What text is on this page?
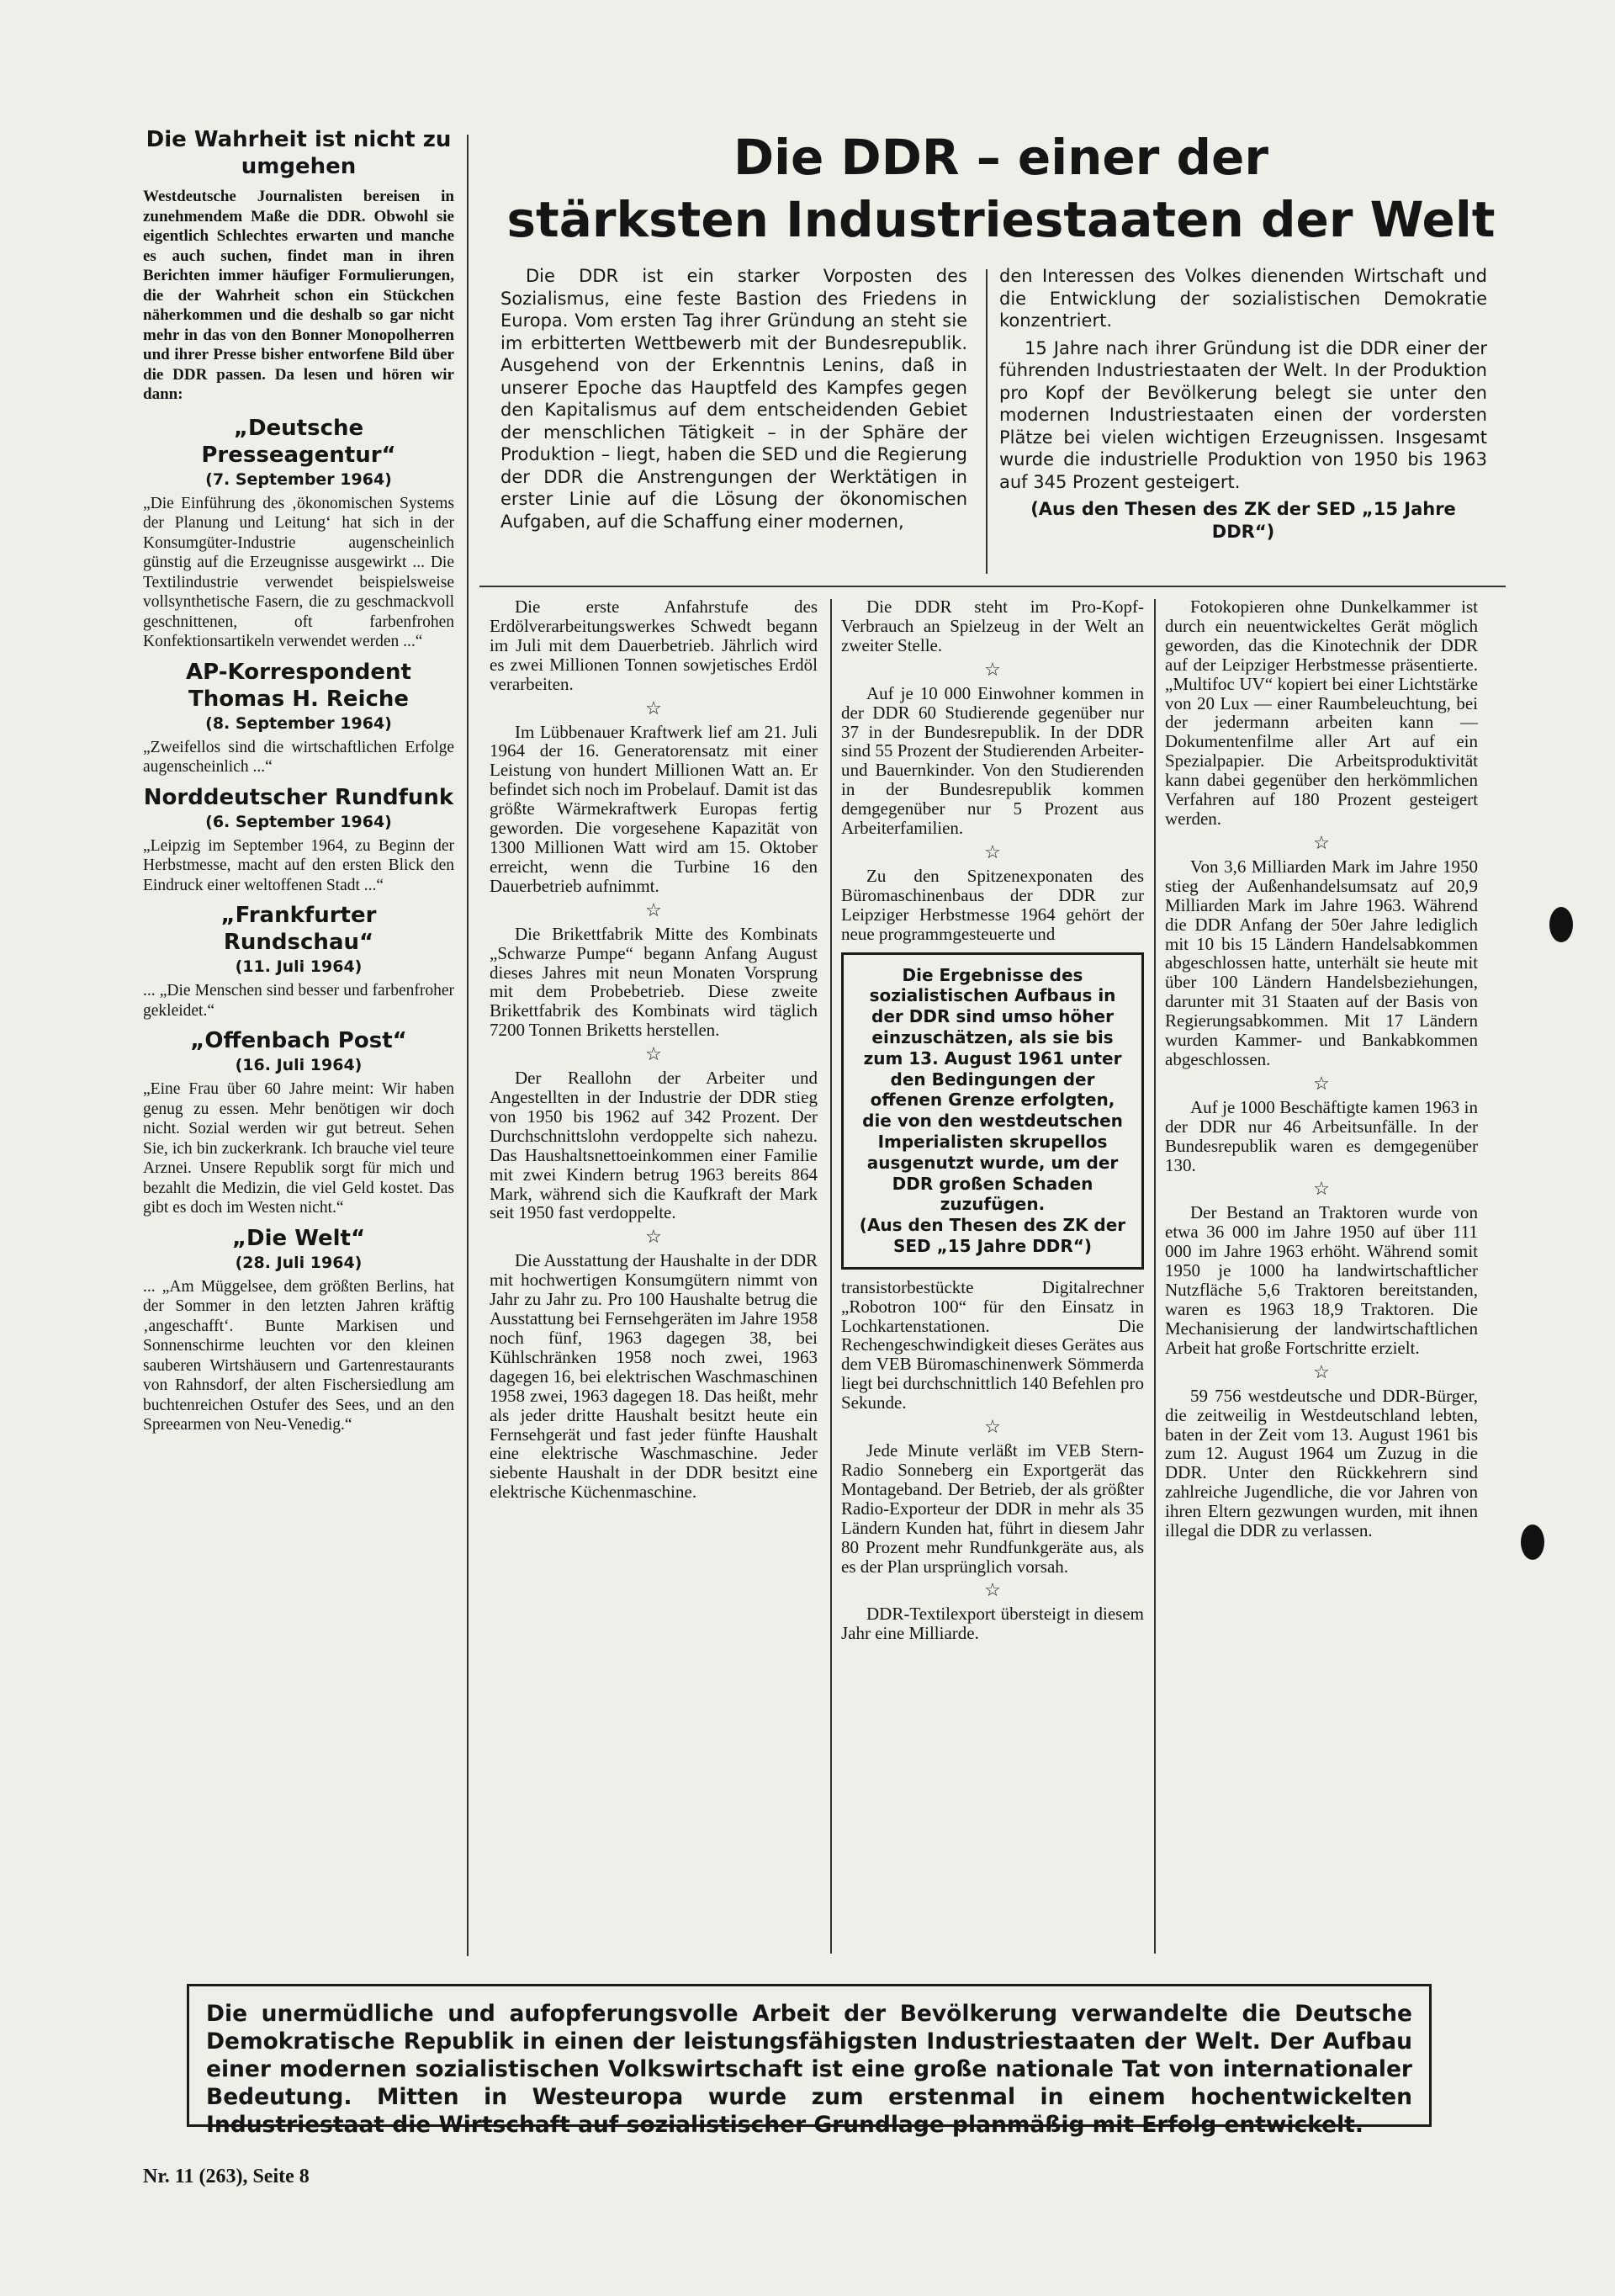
Die Wahrheit ist nicht zu umgehen

Westdeutsche Journalisten bereisen in zunehmendem Maße die DDR. Obwohl sie eigentlich Schlechtes erwarten und manche es auch suchen, findet man in ihren Berichten immer häufiger Formulierungen, die der Wahrheit schon ein Stückchen näherkommen und die deshalb so gar nicht mehr in das von den Bonner Monopolherren und ihrer Presse bisher entworfene Bild über die DDR passen. Da lesen und hören wir dann:

„Deutsche Presseagentur“
(7. September 1964)

„Die Einführung des ‚ökonomischen Systems der Planung und Leitung‘ hat sich in der Konsumgüter-Industrie augenscheinlich günstig auf die Erzeugnisse ausgewirkt ... Die Textilindustrie verwendet beispielsweise vollsynthetische Fasern, die zu geschmackvoll geschnittenen, oft farbenfrohen Konfektionsartikeln verwendet werden ...“

AP-Korrespondent Thomas H. Reiche
(8. September 1964)

„Zweifellos sind die wirtschaftlichen Erfolge augenscheinlich ...“

Norddeutscher Rundfunk
(6. September 1964)

„Leipzig im September 1964, zu Beginn der Herbstmesse, macht auf den ersten Blick den Eindruck einer weltoffenen Stadt ...“

„Frankfurter Rundschau“
(11. Juli 1964)

... „Die Menschen sind besser und farbenfroher gekleidet.“

„Offenbach Post“
(16. Juli 1964)

„Eine Frau über 60 Jahre meint: Wir haben genug zu essen. Mehr benötigen wir doch nicht. Sozial werden wir gut betreut. Sehen Sie, ich bin zuckerkrank. Ich brauche viel teure Arznei. Unsere Republik sorgt für mich und bezahlt die Medizin, die viel Geld kostet. Das gibt es doch im Westen nicht.“

„Die Welt“
(28. Juli 1964)

... „Am Müggelsee, dem größten Berlins, hat der Sommer in den letzten Jahren kräftig ‚angeschafft‘. Bunte Markisen und Sonnenschirme leuchten vor den kleinen sauberen Wirtshäusern und Gartenrestaurants von Rahnsdorf, der alten Fischersiedlung am buchtenreichen Ostufer des Sees, und an den Spreearmen von Neu-Venedig.“

Die DDR – einer der
stärksten Industriestaaten der Welt

Die DDR ist ein starker Vorposten des Sozialismus, eine feste Bastion des Friedens in Europa. Vom ersten Tag ihrer Gründung an steht sie im erbitterten Wettbewerb mit der Bundesrepublik. Ausgehend von der Erkenntnis Lenins, daß in unserer Epoche das Hauptfeld des Kampfes gegen den Kapitalismus auf dem entscheidenden Gebiet der menschlichen Tätigkeit – in der Sphäre der Produktion – liegt, haben die SED und die Regierung der DDR die Anstrengungen der Werktätigen in erster Linie auf die Lösung der ökonomischen Aufgaben, auf die Schaffung einer modernen,

den Interessen des Volkes dienenden Wirtschaft und die Entwicklung der sozialistischen Demokratie konzentriert.

15 Jahre nach ihrer Gründung ist die DDR einer der führenden Industriestaaten der Welt. In der Produktion pro Kopf der Bevölkerung belegt sie unter den modernen Industriestaaten einen der vordersten Plätze bei vielen wichtigen Erzeugnissen. Insgesamt wurde die industrielle Produktion von 1950 bis 1963 auf 345 Prozent gesteigert.

(Aus den Thesen des ZK der SED „15 Jahre DDR“)

Die erste Anfahrstufe des Erdölverarbeitungswerkes Schwedt begann im Juli mit dem Dauerbetrieb. Jährlich wird es zwei Millionen Tonnen sowjetisches Erdöl verarbeiten.

☆

Im Lübbenauer Kraftwerk lief am 21. Juli 1964 der 16. Generatorensatz mit einer Leistung von hundert Millionen Watt an. Er befindet sich noch im Probelauf. Damit ist das größte Wärmekraftwerk Europas fertig geworden. Die vorgesehene Kapazität von 1300 Millionen Watt wird am 15. Oktober erreicht, wenn die Turbine 16 den Dauerbetrieb aufnimmt.

☆

Die Brikettfabrik Mitte des Kombinats „Schwarze Pumpe“ begann Anfang August dieses Jahres mit neun Monaten Vorsprung mit dem Probebetrieb. Diese zweite Brikettfabrik des Kombinats wird täglich 7200 Tonnen Briketts herstellen.

☆

Der Reallohn der Arbeiter und Angestellten in der Industrie der DDR stieg von 1950 bis 1962 auf 342 Prozent. Der Durchschnittslohn verdoppelte sich nahezu. Das Haushaltsnettoeinkommen einer Familie mit zwei Kindern betrug 1963 bereits 864 Mark, während sich die Kaufkraft der Mark seit 1950 fast verdoppelte.

☆

Die Ausstattung der Haushalte in der DDR mit hochwertigen Konsumgütern nimmt von Jahr zu Jahr zu. Pro 100 Haushalte betrug die Ausstattung bei Fernsehgeräten im Jahre 1958 noch fünf, 1963 dagegen 38, bei Kühlschränken 1958 noch zwei, 1963 dagegen 16, bei elektrischen Waschmaschinen 1958 zwei, 1963 dagegen 18. Das heißt, mehr als jeder dritte Haushalt besitzt heute ein Fernsehgerät und fast jeder fünfte Haushalt eine elektrische Waschmaschine. Jeder siebente Haushalt in der DDR besitzt eine elektrische Küchenmaschine.

Die DDR steht im Pro-Kopf-Verbrauch an Spielzeug in der Welt an zweiter Stelle.

☆

Auf je 10 000 Einwohner kommen in der DDR 60 Studierende gegenüber nur 37 in der Bundesrepublik. In der DDR sind 55 Prozent der Studierenden Arbeiter- und Bauernkinder. Von den Studierenden in der Bundesrepublik kommen demgegenüber nur 5 Prozent aus Arbeiterfamilien.

☆

Zu den Spitzenexponaten des Büromaschinenbaus der DDR zur Leipziger Herbstmesse 1964 gehört der neue programmgesteuerte und

Die Ergebnisse des sozialistischen Aufbaus in der DDR sind umso höher einzuschätzen, als sie bis zum 13. August 1961 unter den Bedingungen der offenen Grenze erfolgten, die von den westdeutschen Imperialisten skrupellos ausgenutzt wurde, um der DDR großen Schaden zuzufügen.
(Aus den Thesen des ZK der SED „15 Jahre DDR“)

transistorbestückte Digitalrechner „Robotron 100“ für den Einsatz in Lochkartenstationen. Die Rechengeschwindigkeit dieses Gerätes aus dem VEB Büromaschinenwerk Sömmerda liegt bei durchschnittlich 140 Befehlen pro Sekunde.

☆

Jede Minute verläßt im VEB Stern-Radio Sonneberg ein Exportgerät das Montageband. Der Betrieb, der als größter Radio-Exporteur der DDR in mehr als 35 Ländern Kunden hat, führt in diesem Jahr 80 Prozent mehr Rundfunkgeräte aus, als es der Plan ursprünglich vorsah.

☆

DDR-Textilexport übersteigt in diesem Jahr eine Milliarde.

Fotokopieren ohne Dunkelkammer ist durch ein neuentwickeltes Gerät möglich geworden, das die Kinotechnik der DDR auf der Leipziger Herbstmesse präsentierte. „Multifoc UV“ kopiert bei einer Lichtstärke von 20 Lux — einer Raumbeleuchtung, bei der jedermann arbeiten kann — Dokumentenfilme aller Art auf ein Spezialpapier. Die Arbeitsproduktivität kann dabei gegenüber den herkömmlichen Verfahren auf 180 Prozent gesteigert werden.

☆

Von 3,6 Milliarden Mark im Jahre 1950 stieg der Außenhandelsumsatz auf 20,9 Milliarden Mark im Jahre 1963. Während die DDR Anfang der 50er Jahre lediglich mit 10 bis 15 Ländern Handelsabkommen abgeschlossen hatte, unterhält sie heute mit über 100 Ländern Handelsbeziehungen, darunter mit 31 Staaten auf der Basis von Regierungsabkommen. Mit 17 Ländern wurden Kammer- und Bankabkommen abgeschlossen.

☆

Auf je 1000 Beschäftigte kamen 1963 in der DDR nur 46 Arbeitsunfälle. In der Bundesrepublik waren es demgegenüber 130.

☆

Der Bestand an Traktoren wurde von etwa 36 000 im Jahre 1950 auf über 111 000 im Jahre 1963 erhöht. Während somit 1950 je 1000 ha landwirtschaftlicher Nutzfläche 5,6 Traktoren bereitstanden, waren es 1963 18,9 Traktoren. Die Mechanisierung der landwirtschaftlichen Arbeit hat große Fortschritte erzielt.

☆

59 756 westdeutsche und DDR-Bürger, die zeitweilig in Westdeutschland lebten, baten in der Zeit vom 13. August 1961 bis zum 12. August 1964 um Zuzug in die DDR. Unter den Rückkehrern sind zahlreiche Jugendliche, die vor Jahren von ihren Eltern gezwungen wurden, mit ihnen illegal die DDR zu verlassen.

Die unermüdliche und aufopferungsvolle Arbeit der Bevölkerung verwandelte die Deutsche Demokratische Republik in einen der leistungsfähigsten Industriestaaten der Welt. Der Aufbau einer modernen sozialistischen Volkswirtschaft ist eine große nationale Tat von internationaler Bedeutung. Mitten in Westeuropa wurde zum erstenmal in einem hochentwickelten Industriestaat die Wirtschaft auf sozialistischer Grundlage planmäßig mit Erfolg entwickelt.
Nr. 11 (263), Seite 8
